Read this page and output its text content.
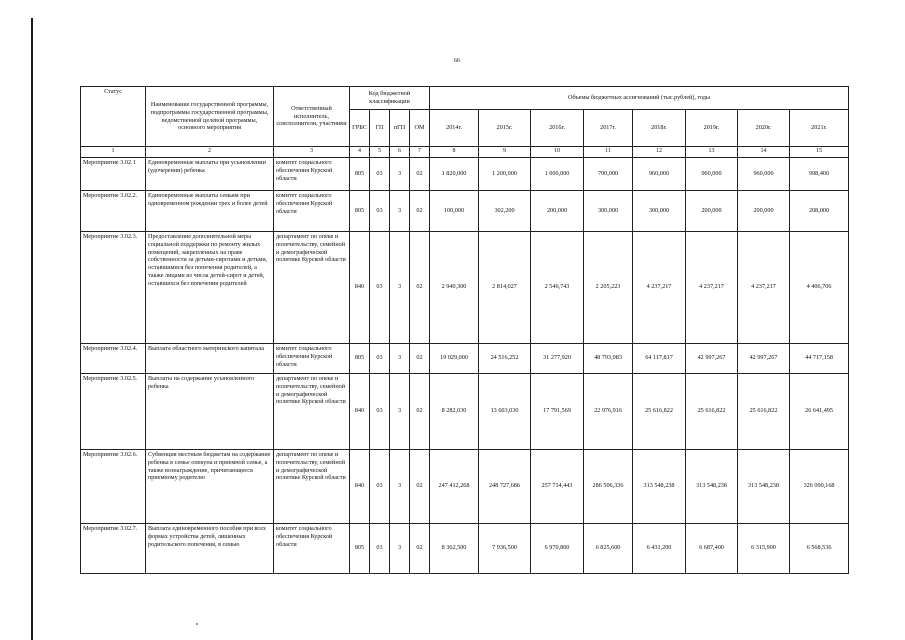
66
Статус	Наименование государственной программы, подпрограммы государственной программы, ведомственной целевой программы, основного мероприятия	Ответственный исполнитель, соисполнители, участники	Код бюджетной классификации				Объемы бюджетных ассигнований (тыс.рублей), годы							
			ГРБС	ГП	пГП	ОМ	2014г.	2015г.	2016г.	2017г.	2018г.	2019г.	2020г.	2021г.
1	2	3	4	5	6	7	8	9	10	11	12	13	14	15
Мероприятие 3.02.1	Единовременные выплаты при усыновлении (удочерении) ребенка	комитет социального обеспечения Курской области	805	03	3	02	1 820,000	1 200,000	1 000,000	700,000	960,000	960,000	960,000	998,400
Мероприятие 3.02.2.	Единовременные выплаты семьям при одновременном рождении трех и более детей	комитет социального обеспечения Курской области	805	03	3	02	100,000	302,200	200,000	300,000	300,000	200,000	200,000	208,000
Мероприятие 3.02.3.	Предоставление дополнительной меры социальной поддержки по ремонту жилых помещений, закрепленных на праве собственности за детьми-сиротами и детьми, оставшимися без попечения родителей, а также лицами из числа детей-сирот и детей, оставшихся без попечения родителей	департамент по опеке и попечительству, семейной и демографической политике Курской области	840	03	3	02	2 940,300	2 814,027	2 546,743	2 205,223	4 237,217	4 237,217	4 237,217	4 406,706
Мероприятие 3.02.4.	Выплата областного материнского капитала	комитет социального обеспечения Курской области	805	03	3	02	19 029,000	24 516,252	31 277,920	48 793,983	64 117,817	42 997,267	42 997,267	44 717,158
Мероприятие 3.02.5.	Выплаты на содержание усыновленного ребенка	департамент по опеке и попечительству, семейной и демографической политике Курской области	840	03	3	02	8 282,030	13 603,030	17 791,569	22 976,916	25 616,822	25 616,822	25 616,822	26 641,495
Мероприятие 3.02.6.	Субвенция местным бюджетам на содержание ребенка в семье опекуна и приемной семье, а также вознаграждение, причитающееся приемному родителю	департамент по опеке и попечительству, семейной и демографической политике Курской области	840	03	3	02	247 412,268	248 727,686	257 714,443	286 506,336	313 548,238	313 548,238	313 548,238	326 090,168
Мероприятие 3.02.7.	Выплата единовременного пособия при всех формах устройства детей, лишенных родительского попечения, в семью	комитет социального обеспечения Курской области	805	03	3	02	8 362,500	7 936,500	6 970,800	6 825,600	6 431,200	6 687,400	6 315,900	6 568,536
